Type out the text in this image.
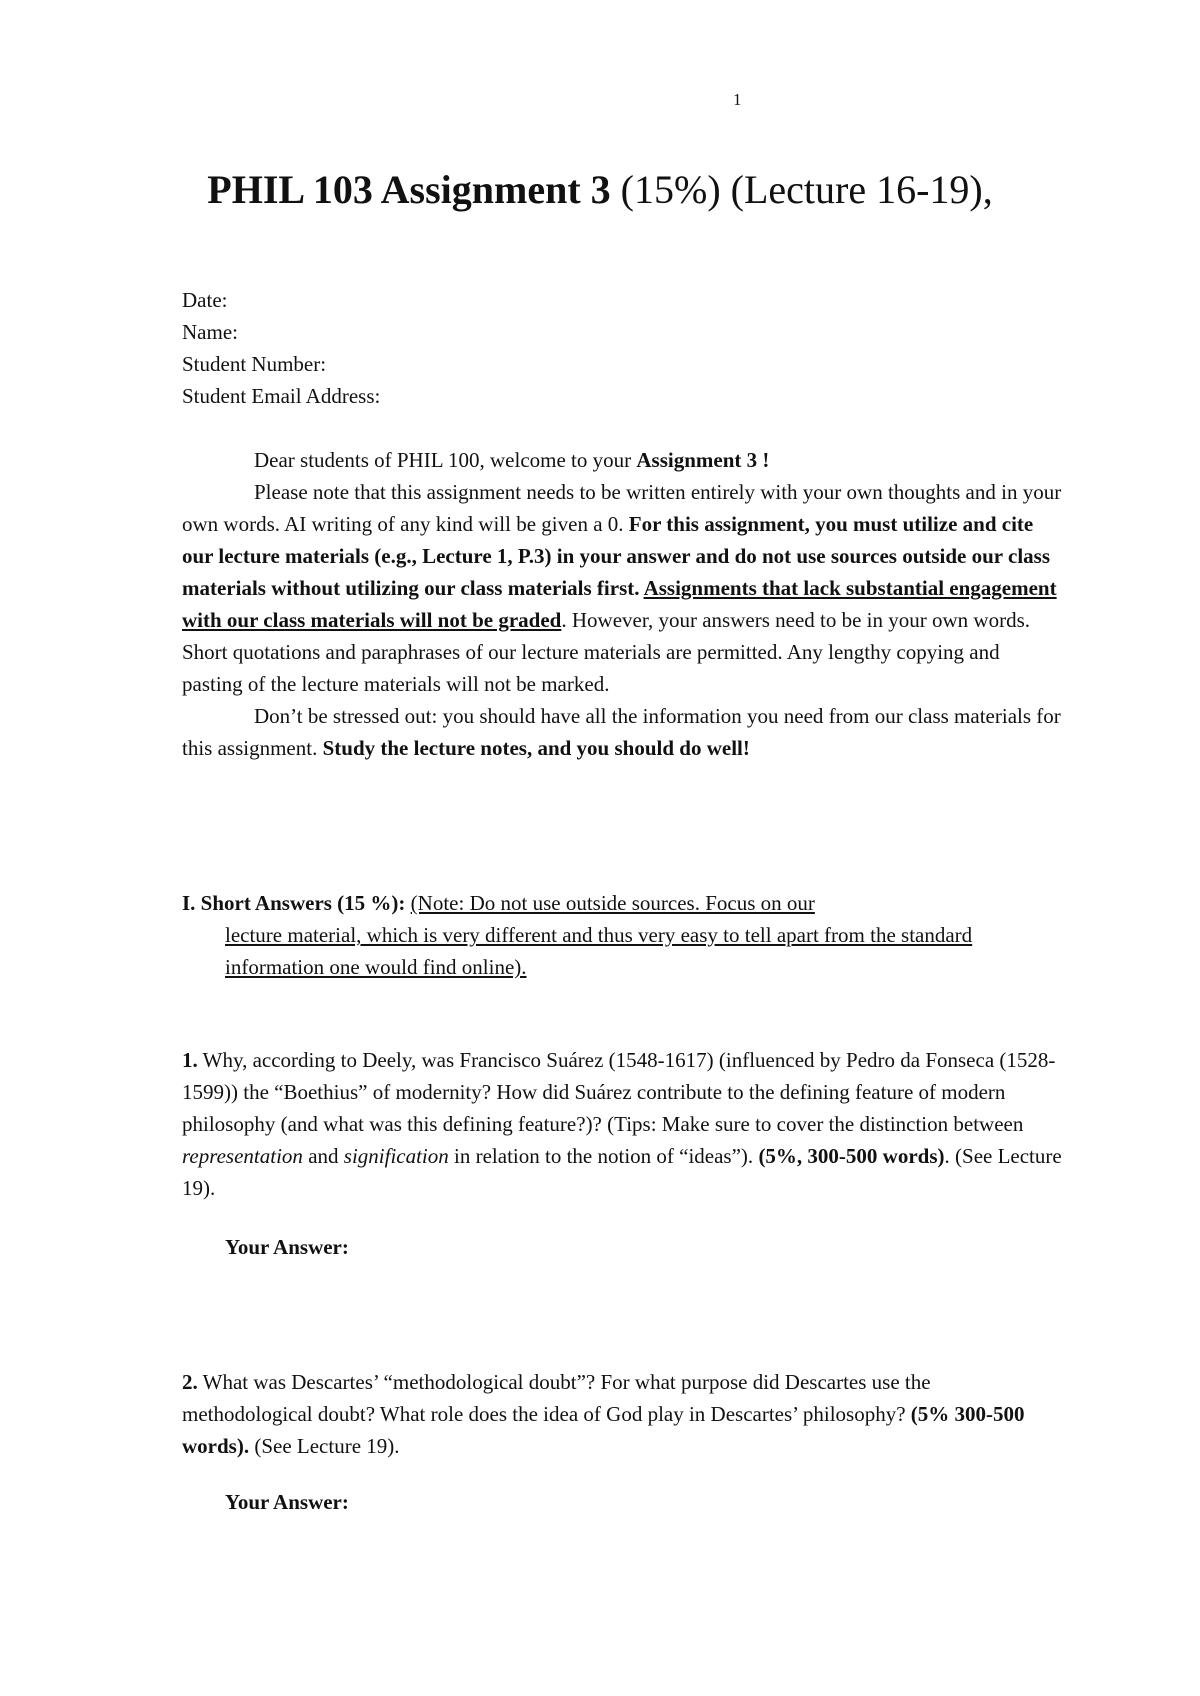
1
PHIL 103 Assignment 3 (15%) (Lecture 16-19),
Date:
Name:
Student Number:
Student Email Address:

Dear students of PHIL 100, welcome to your Assignment 3 !

Please note that this assignment needs to be written entirely with your own thoughts and in your own words. AI writing of any kind will be given a 0. For this assignment, you must utilize and cite our lecture materials (e.g., Lecture 1, P.3) in your answer and do not use sources outside our class materials without utilizing our class materials first. Assignments that lack substantial engagement with our class materials will not be graded. However, your answers need to be in your own words. Short quotations and paraphrases of our lecture materials are permitted. Any lengthy copying and pasting of the lecture materials will not be marked.

Don’t be stressed out: you should have all the information you need from our class materials for this assignment. Study the lecture notes, and you should do well!

I. Short Answers (15 %): (Note: Do not use outside sources. Focus on our
lecture material, which is very different and thus very easy to tell apart from the standard information one would find online).
1. Why, according to Deely, was Francisco Suárez (1548-1617) (influenced by Pedro da Fonseca (1528-1599)) the “Boethius” of modernity? How did Suárez contribute to the defining feature of modern philosophy (and what was this defining feature?)? (Tips: Make sure to cover the distinction between representation and signification in relation to the notion of “ideas”). (5%, 300-500 words). (See Lecture 19).
Your Answer:
2. What was Descartes’ “methodological doubt”? For what purpose did Descartes use the methodological doubt? What role does the idea of God play in Descartes’ philosophy? (5% 300-500 words). (See Lecture 19).
Your Answer:
